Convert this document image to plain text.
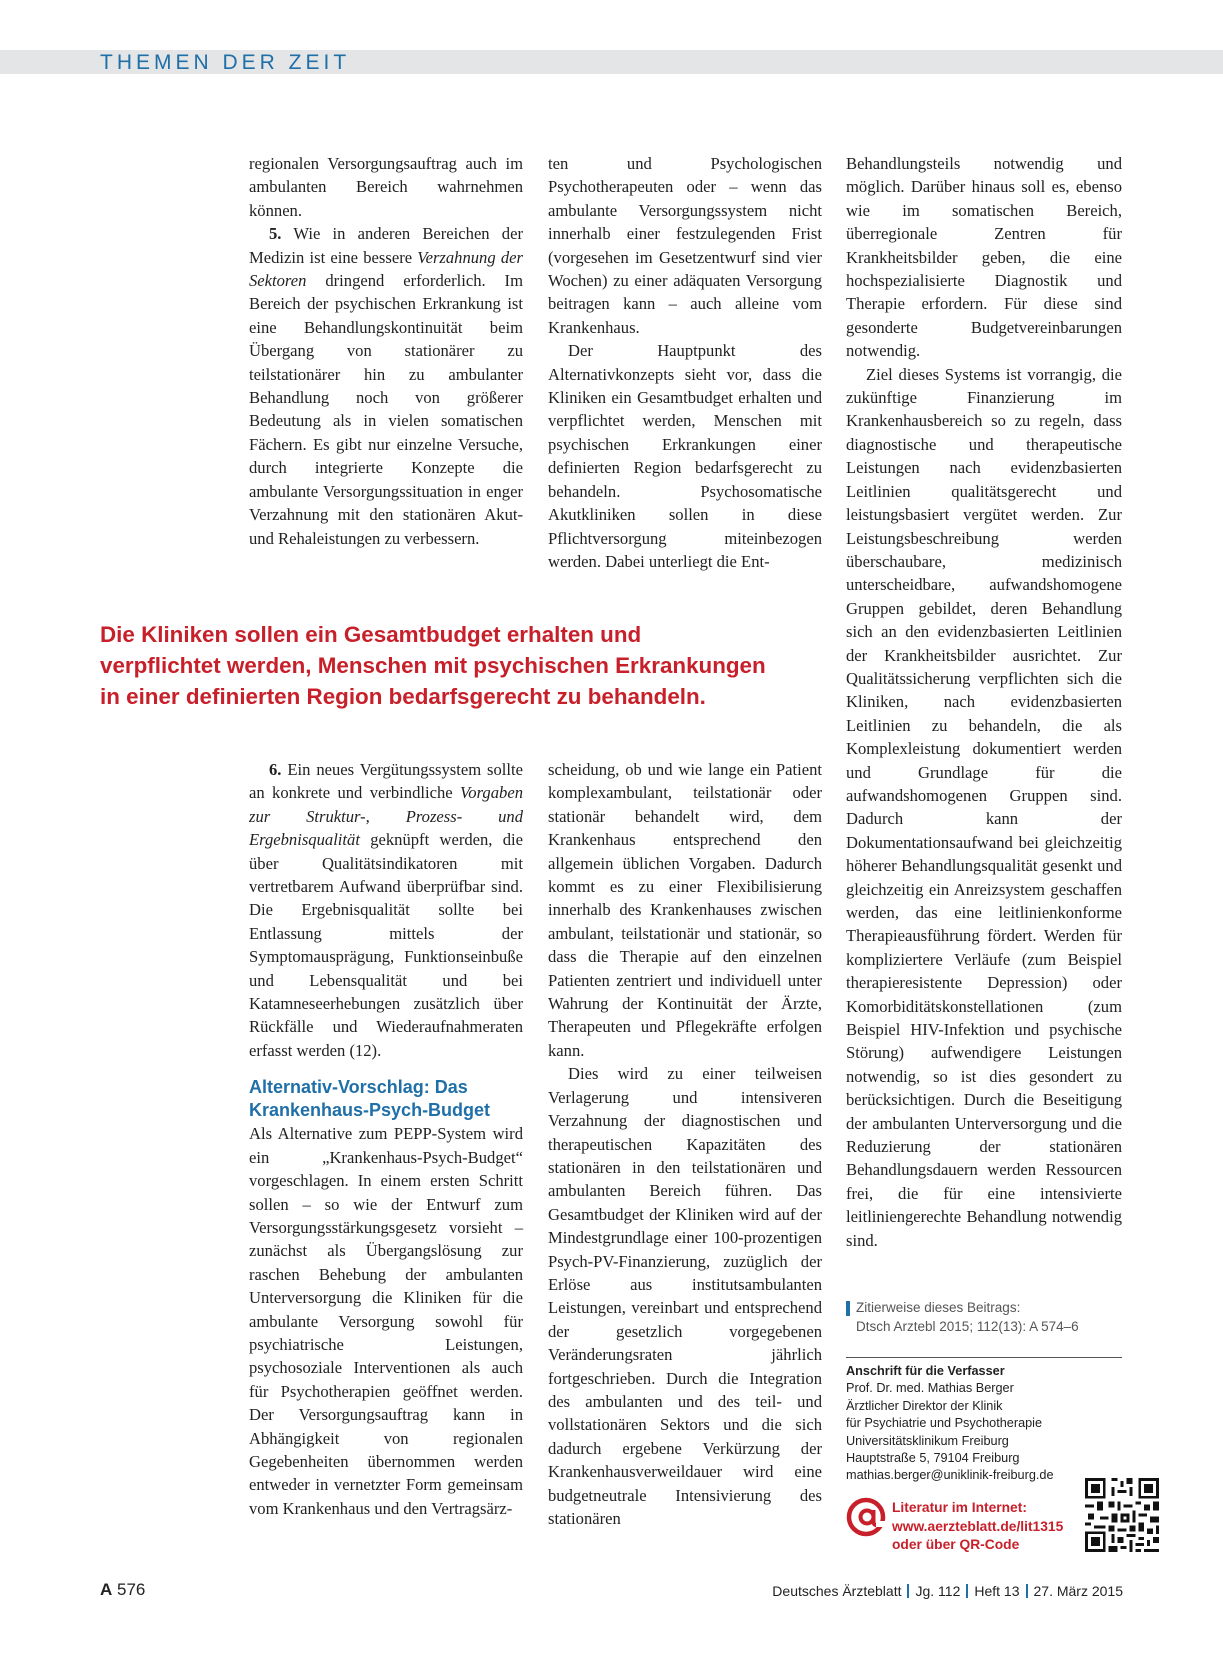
THEMEN DER ZEIT

regionalen Versorgungsauftrag auch im ambulanten Bereich wahrnehmen können.

5. Wie in anderen Bereichen der Medizin ist eine bessere Verzahnung der Sektoren dringend erforderlich. Im Bereich der psychischen Erkrankung ist eine Behandlungskontinuität beim Übergang von stationärer zu teilstationärer hin zu ambulanter Behandlung noch von größerer Bedeutung als in vielen somatischen Fächern. Es gibt nur einzelne Versuche, durch integrierte Konzepte die ambulante Versorgungssituation in enger Verzahnung mit den stationären Akut- und Rehaleistungen zu verbessern.

ten und Psychologischen Psychotherapeuten oder – wenn das ambulante Versorgungssystem nicht innerhalb einer festzulegenden Frist (vorgesehen im Gesetzentwurf sind vier Wochen) zu einer adäquaten Versorgung beitragen kann – auch alleine vom Krankenhaus.

Der Hauptpunkt des Alternativkonzepts sieht vor, dass die Kliniken ein Gesamtbudget erhalten und verpflichtet werden, Menschen mit psychischen Erkrankungen einer definierten Region bedarfsgerecht zu behandeln. Psychosomatische Akutkliniken sollen in diese Pflichtversorgung miteinbezogen werden. Dabei unterliegt die Ent-

Die Kliniken sollen ein Gesamtbudget erhalten und
verpflichtet werden, Menschen mit psychischen Erkrankungen
in einer definierten Region bedarfsgerecht zu behandeln.

6. Ein neues Vergütungssystem sollte an konkrete und verbindliche Vorgaben zur Struktur-, Prozess- und Ergebnisqualität geknüpft werden, die über Qualitätsindikatoren mit vertretbarem Aufwand überprüfbar sind. Die Ergebnisqualität sollte bei Entlassung mittels der Symptomausprägung, Funktionseinbuße und Lebensqualität und bei Katamneseerhebungen zusätzlich über Rückfälle und Wiederaufnahmeraten erfasst werden (12).

Alternativ-Vorschlag: Das Krankenhaus-Psych-Budget

Als Alternative zum PEPP-System wird ein „Krankenhaus-Psych-Budget“ vorgeschlagen. In einem ersten Schritt sollen – so wie der Entwurf zum Versorgungsstärkungsgesetz vorsieht – zunächst als Übergangslösung zur raschen Behebung der ambulanten Unterversorgung die Kliniken für die ambulante Versorgung sowohl für psychiatrische Leistungen, psychosoziale Interventionen als auch für Psychotherapien geöffnet werden. Der Versorgungsauftrag kann in Abhängigkeit von regionalen Gegebenheiten übernommen werden entweder in vernetzter Form gemeinsam vom Krankenhaus und den Vertragsärz-

scheidung, ob und wie lange ein Patient komplexambulant, teilstationär oder stationär behandelt wird, dem Krankenhaus entsprechend den allgemein üblichen Vorgaben. Dadurch kommt es zu einer Flexibilisierung innerhalb des Krankenhauses zwischen ambulant, teilstationär und stationär, so dass die Therapie auf den einzelnen Patienten zentriert und individuell unter Wahrung der Kontinuität der Ärzte, Therapeuten und Pflegekräfte erfolgen kann.

Dies wird zu einer teilweisen Verlagerung und intensiveren Verzahnung der diagnostischen und therapeutischen Kapazitäten des stationären in den teilstationären und ambulanten Bereich führen. Das Gesamtbudget der Kliniken wird auf der Mindestgrundlage einer 100-prozentigen Psych-PV-Finanzierung, zuzüglich der Erlöse aus institutsambulanten Leistungen, vereinbart und entsprechend der gesetzlich vorgegebenen Veränderungsraten jährlich fortgeschrieben. Durch die Integration des ambulanten und des teil- und vollstationären Sektors und die sich dadurch ergebene Verkürzung der Krankenhausverweildauer wird eine budgetneutrale Intensivierung des stationären

Behandlungsteils notwendig und möglich. Darüber hinaus soll es, ebenso wie im somatischen Bereich, überregionale Zentren für Krankheitsbilder geben, die eine hochspezialisierte Diagnostik und Therapie erfordern. Für diese sind gesonderte Budgetvereinbarungen notwendig.

Ziel dieses Systems ist vorrangig, die zukünftige Finanzierung im Krankenhausbereich so zu regeln, dass diagnostische und therapeutische Leistungen nach evidenzbasierten Leitlinien qualitätsgerecht und leistungsbasiert vergütet werden. Zur Leistungsbeschreibung werden überschaubare, medizinisch unterscheidbare, aufwandshomogene Gruppen gebildet, deren Behandlung sich an den evidenzbasierten Leitlinien der Krankheitsbilder ausrichtet. Zur Qualitätssicherung verpflichten sich die Kliniken, nach evidenzbasierten Leitlinien zu behandeln, die als Komplexleistung dokumentiert werden und Grundlage für die aufwandshomogenen Gruppen sind. Dadurch kann der Dokumentationsaufwand bei gleichzeitig höherer Behandlungsqualität gesenkt und gleichzeitig ein Anreizsystem geschaffen werden, das eine leitlinienkonforme Therapieausführung fördert. Werden für kompliziertere Verläufe (zum Beispiel therapieresistente Depression) oder Komorbiditätskonstellationen (zum Beispiel HIV-Infektion und psychische Störung) aufwendigere Leistungen notwendig, so ist dies gesondert zu berücksichtigen. Durch die Beseitigung der ambulanten Unterversorgung und die Reduzierung der stationären Behandlungsdauern werden Ressourcen frei, die für eine intensivierte leitliniengerechte Behandlung notwendig sind.

Zitierweise dieses Beitrags:
Dtsch Arztebl 2015; 112(13): A 574–6
Anschrift für die Verfasser
Prof. Dr. med. Mathias Berger
Ärztlicher Direktor der Klinik
für Psychiatrie und Psychotherapie
Universitätsklinikum Freiburg
Hauptstraße 5, 79104 Freiburg
mathias.berger@uniklinik-freiburg.de
Literatur im Internet:
www.aerzteblatt.de/lit1315
oder über QR-Code
A 576	Deutsches Ärzteblatt Jg. 112 Heft 13 27. März 2015
